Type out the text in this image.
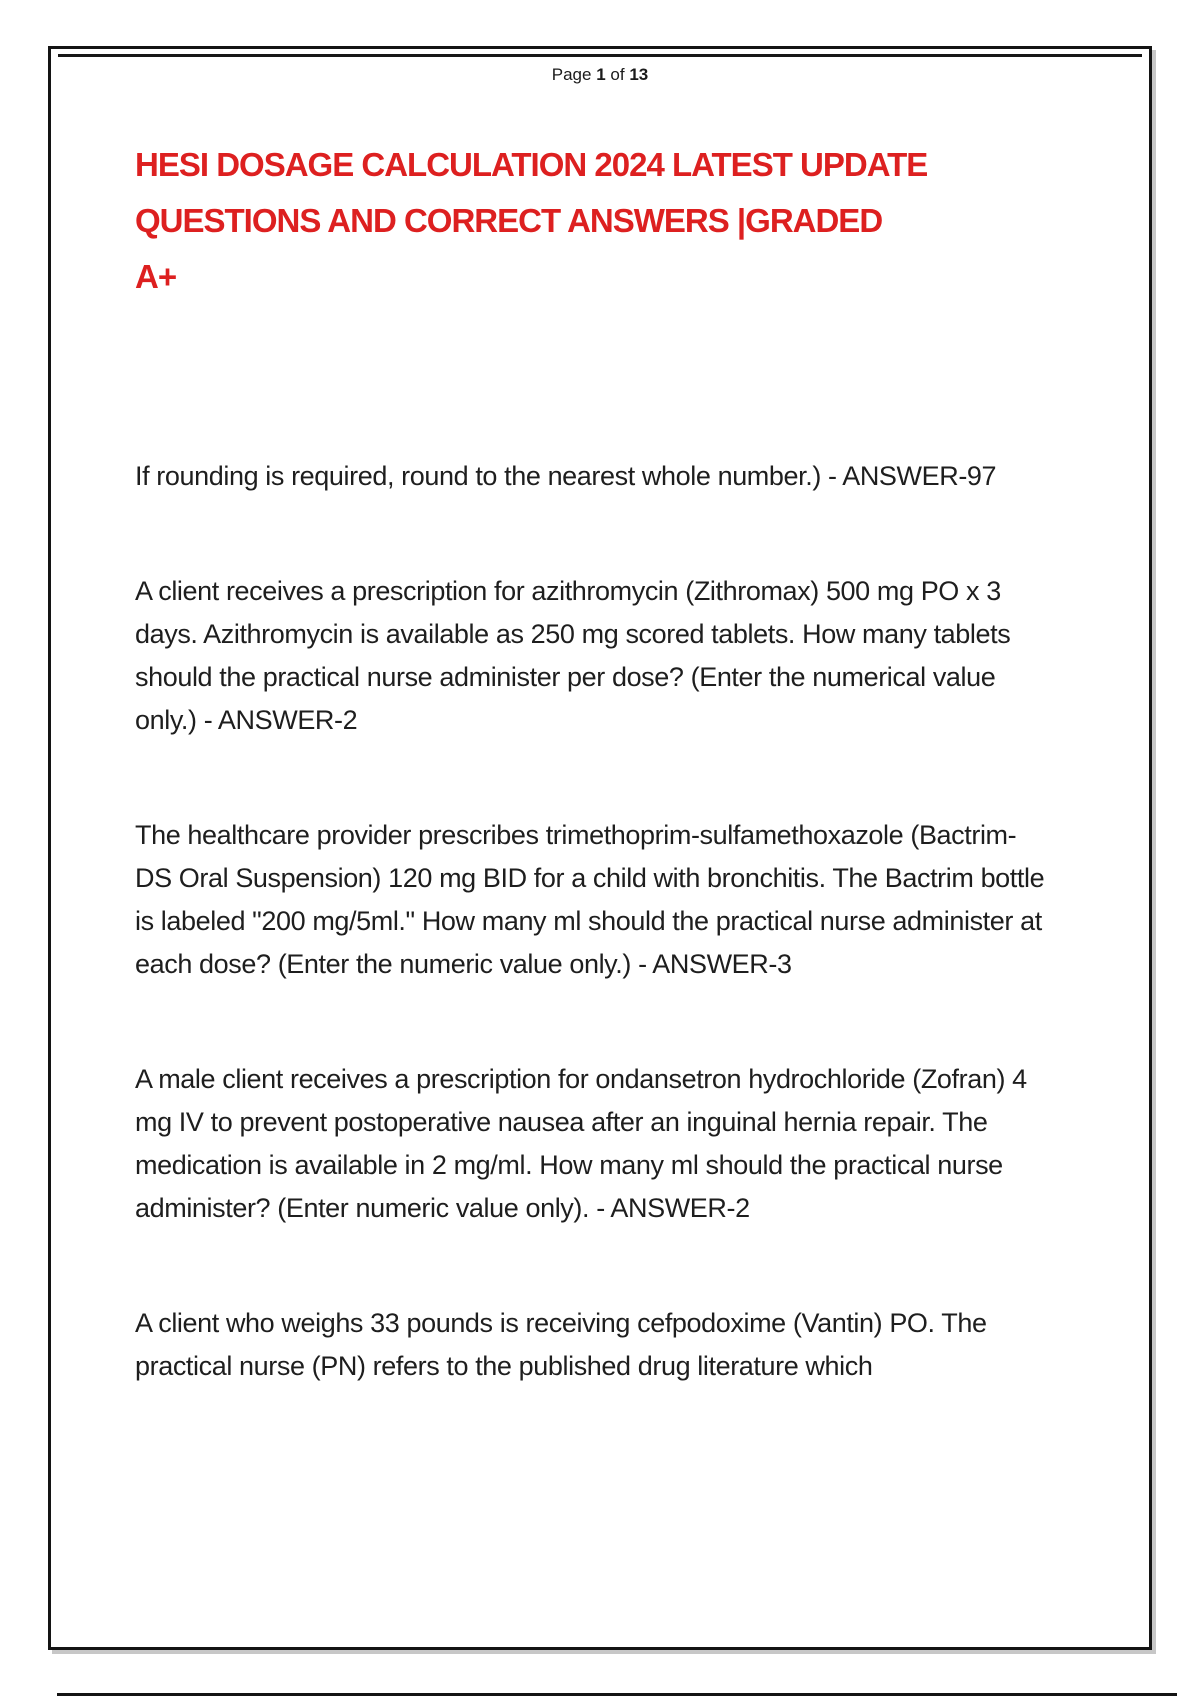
Page 1 of 13
HESI DOSAGE CALCULATION 2024 LATEST UPDATE
QUESTIONS AND CORRECT ANSWERS |GRADED
A+

If rounding is required, round to the nearest whole number.) - ANSWER-97

A client receives a prescription for azithromycin (Zithromax) 500 mg PO x 3 days. Azithromycin is available as 250 mg scored tablets. How many tablets should the practical nurse administer per dose? (Enter the numerical value only.) - ANSWER-2

The healthcare provider prescribes trimethoprim-sulfamethoxazole (Bactrim-DS Oral Suspension) 120 mg BID for a child with bronchitis. The Bactrim bottle is labeled "200 mg/5ml." How many ml should the practical nurse administer at each dose? (Enter the numeric value only.) - ANSWER-3

A male client receives a prescription for ondansetron hydrochloride (Zofran) 4 mg IV to prevent postoperative nausea after an inguinal hernia repair. The medication is available in 2 mg/ml. How many ml should the practical nurse administer? (Enter numeric value only). - ANSWER-2

A client who weighs 33 pounds is receiving cefpodoxime (Vantin) PO. The practical nurse (PN) refers to the published drug literature which
